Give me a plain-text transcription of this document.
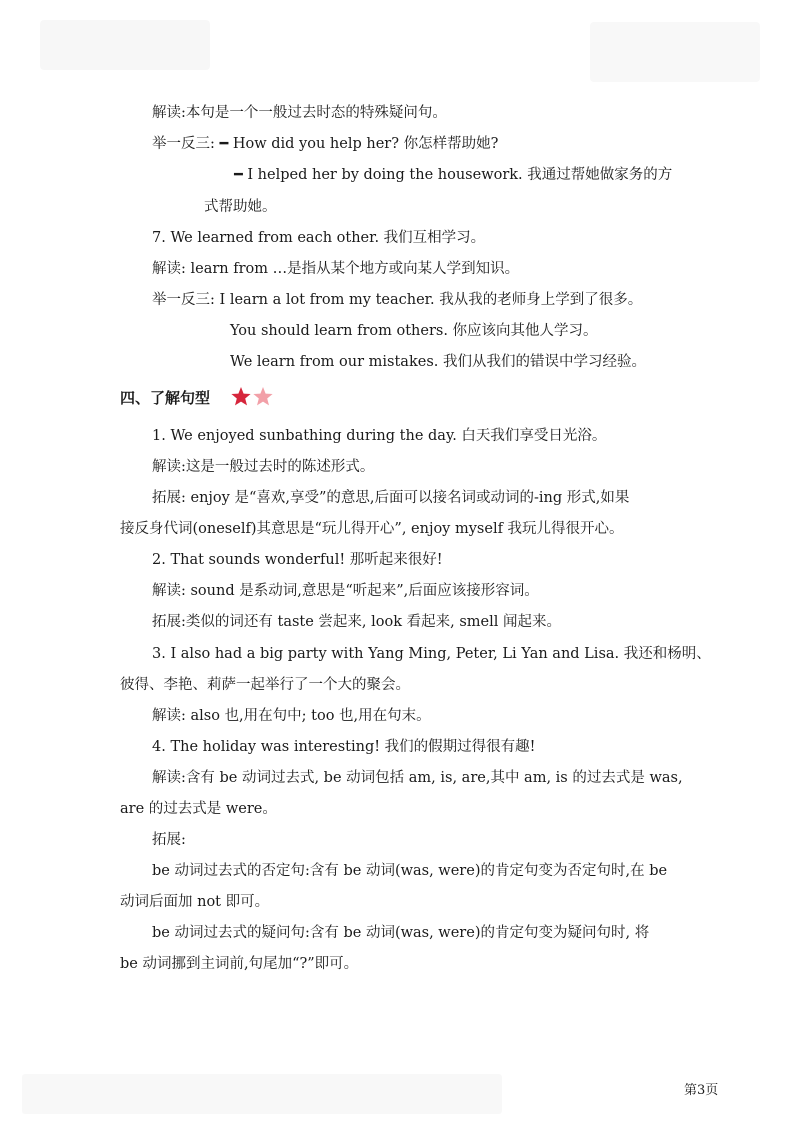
解读:本句是一个一般过去时态的特殊疑问句。
举一反三: ━ How did you help her? 你怎样帮助她?
━ I helped her by doing the housework. 我通过帮她做家务的方
式帮助她。
7. We learned from each other. 我们互相学习。
解读: learn from …是指从某个地方或向某人学到知识。
举一反三: I learn a lot from my teacher. 我从我的老师身上学到了很多。
You should learn from others. 你应该向其他人学习。
We learn from our mistakes. 我们从我们的错误中学习经验。
四、了解句型
1. We enjoyed sunbathing during the day. 白天我们享受日光浴。
解读:这是一般过去时的陈述形式。
拓展: enjoy 是“喜欢,享受”的意思,后面可以接名词或动词的-ing 形式,如果
接反身代词(oneself)其意思是“玩儿得开心”, enjoy myself 我玩儿得很开心。
2. That sounds wonderful! 那听起来很好!
解读: sound 是系动词,意思是“听起来”,后面应该接形容词。
拓展:类似的词还有 taste 尝起来, look 看起来, smell 闻起来。
3. I also had a big party with Yang Ming, Peter, Li Yan and Lisa. 我还和杨明、
彼得、李艳、莉萨一起举行了一个大的聚会。
解读: also 也,用在句中; too 也,用在句末。
4. The holiday was interesting! 我们的假期过得很有趣!
解读:含有 be 动词过去式, be 动词包括 am, is, are,其中 am, is 的过去式是 was,
are 的过去式是 were。
拓展:
be 动词过去式的否定句:含有 be 动词(was, were)的肯定句变为否定句时,在 be
动词后面加 not 即可。
be 动词过去式的疑问句:含有 be 动词(was, were)的肯定句变为疑问句时, 将
be 动词挪到主词前,句尾加“?”即可。
第3页
